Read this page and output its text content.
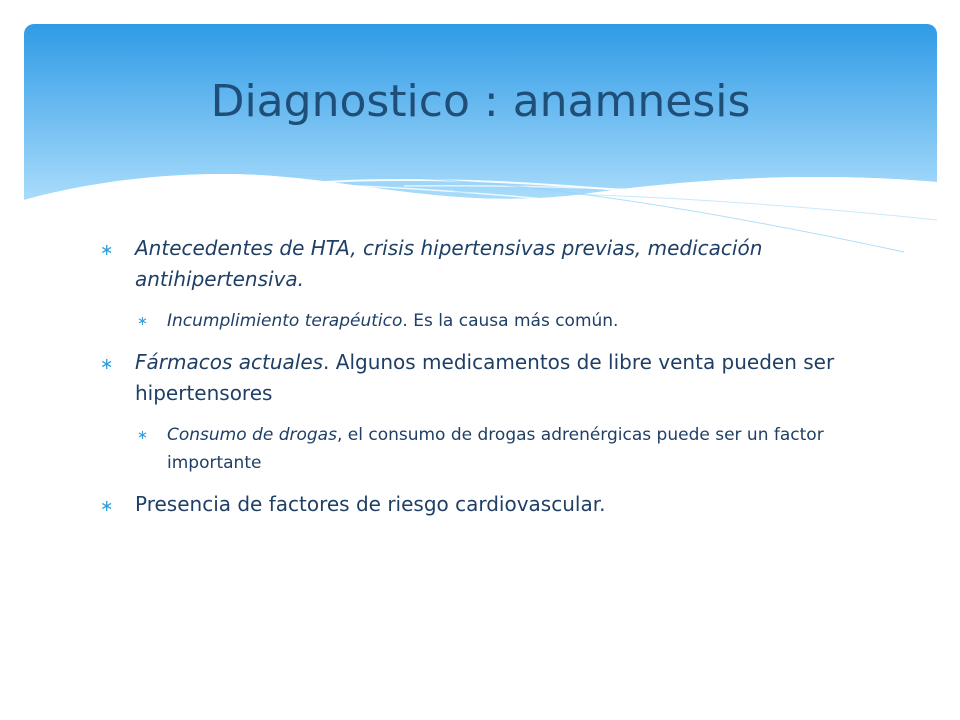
Diagnostico : anamnesis
∗ Antecedentes de HTA, crisis hipertensivas previas, medicación antihipertensiva.
∗ Incumplimiento terapéutico. Es la causa más común.
∗ Fármacos actuales. Algunos medicamentos de libre venta pueden ser hipertensores
∗ Consumo de drogas, el consumo de drogas adrenérgicas puede ser un factor importante
∗ Presencia de factores de riesgo cardiovascular.
